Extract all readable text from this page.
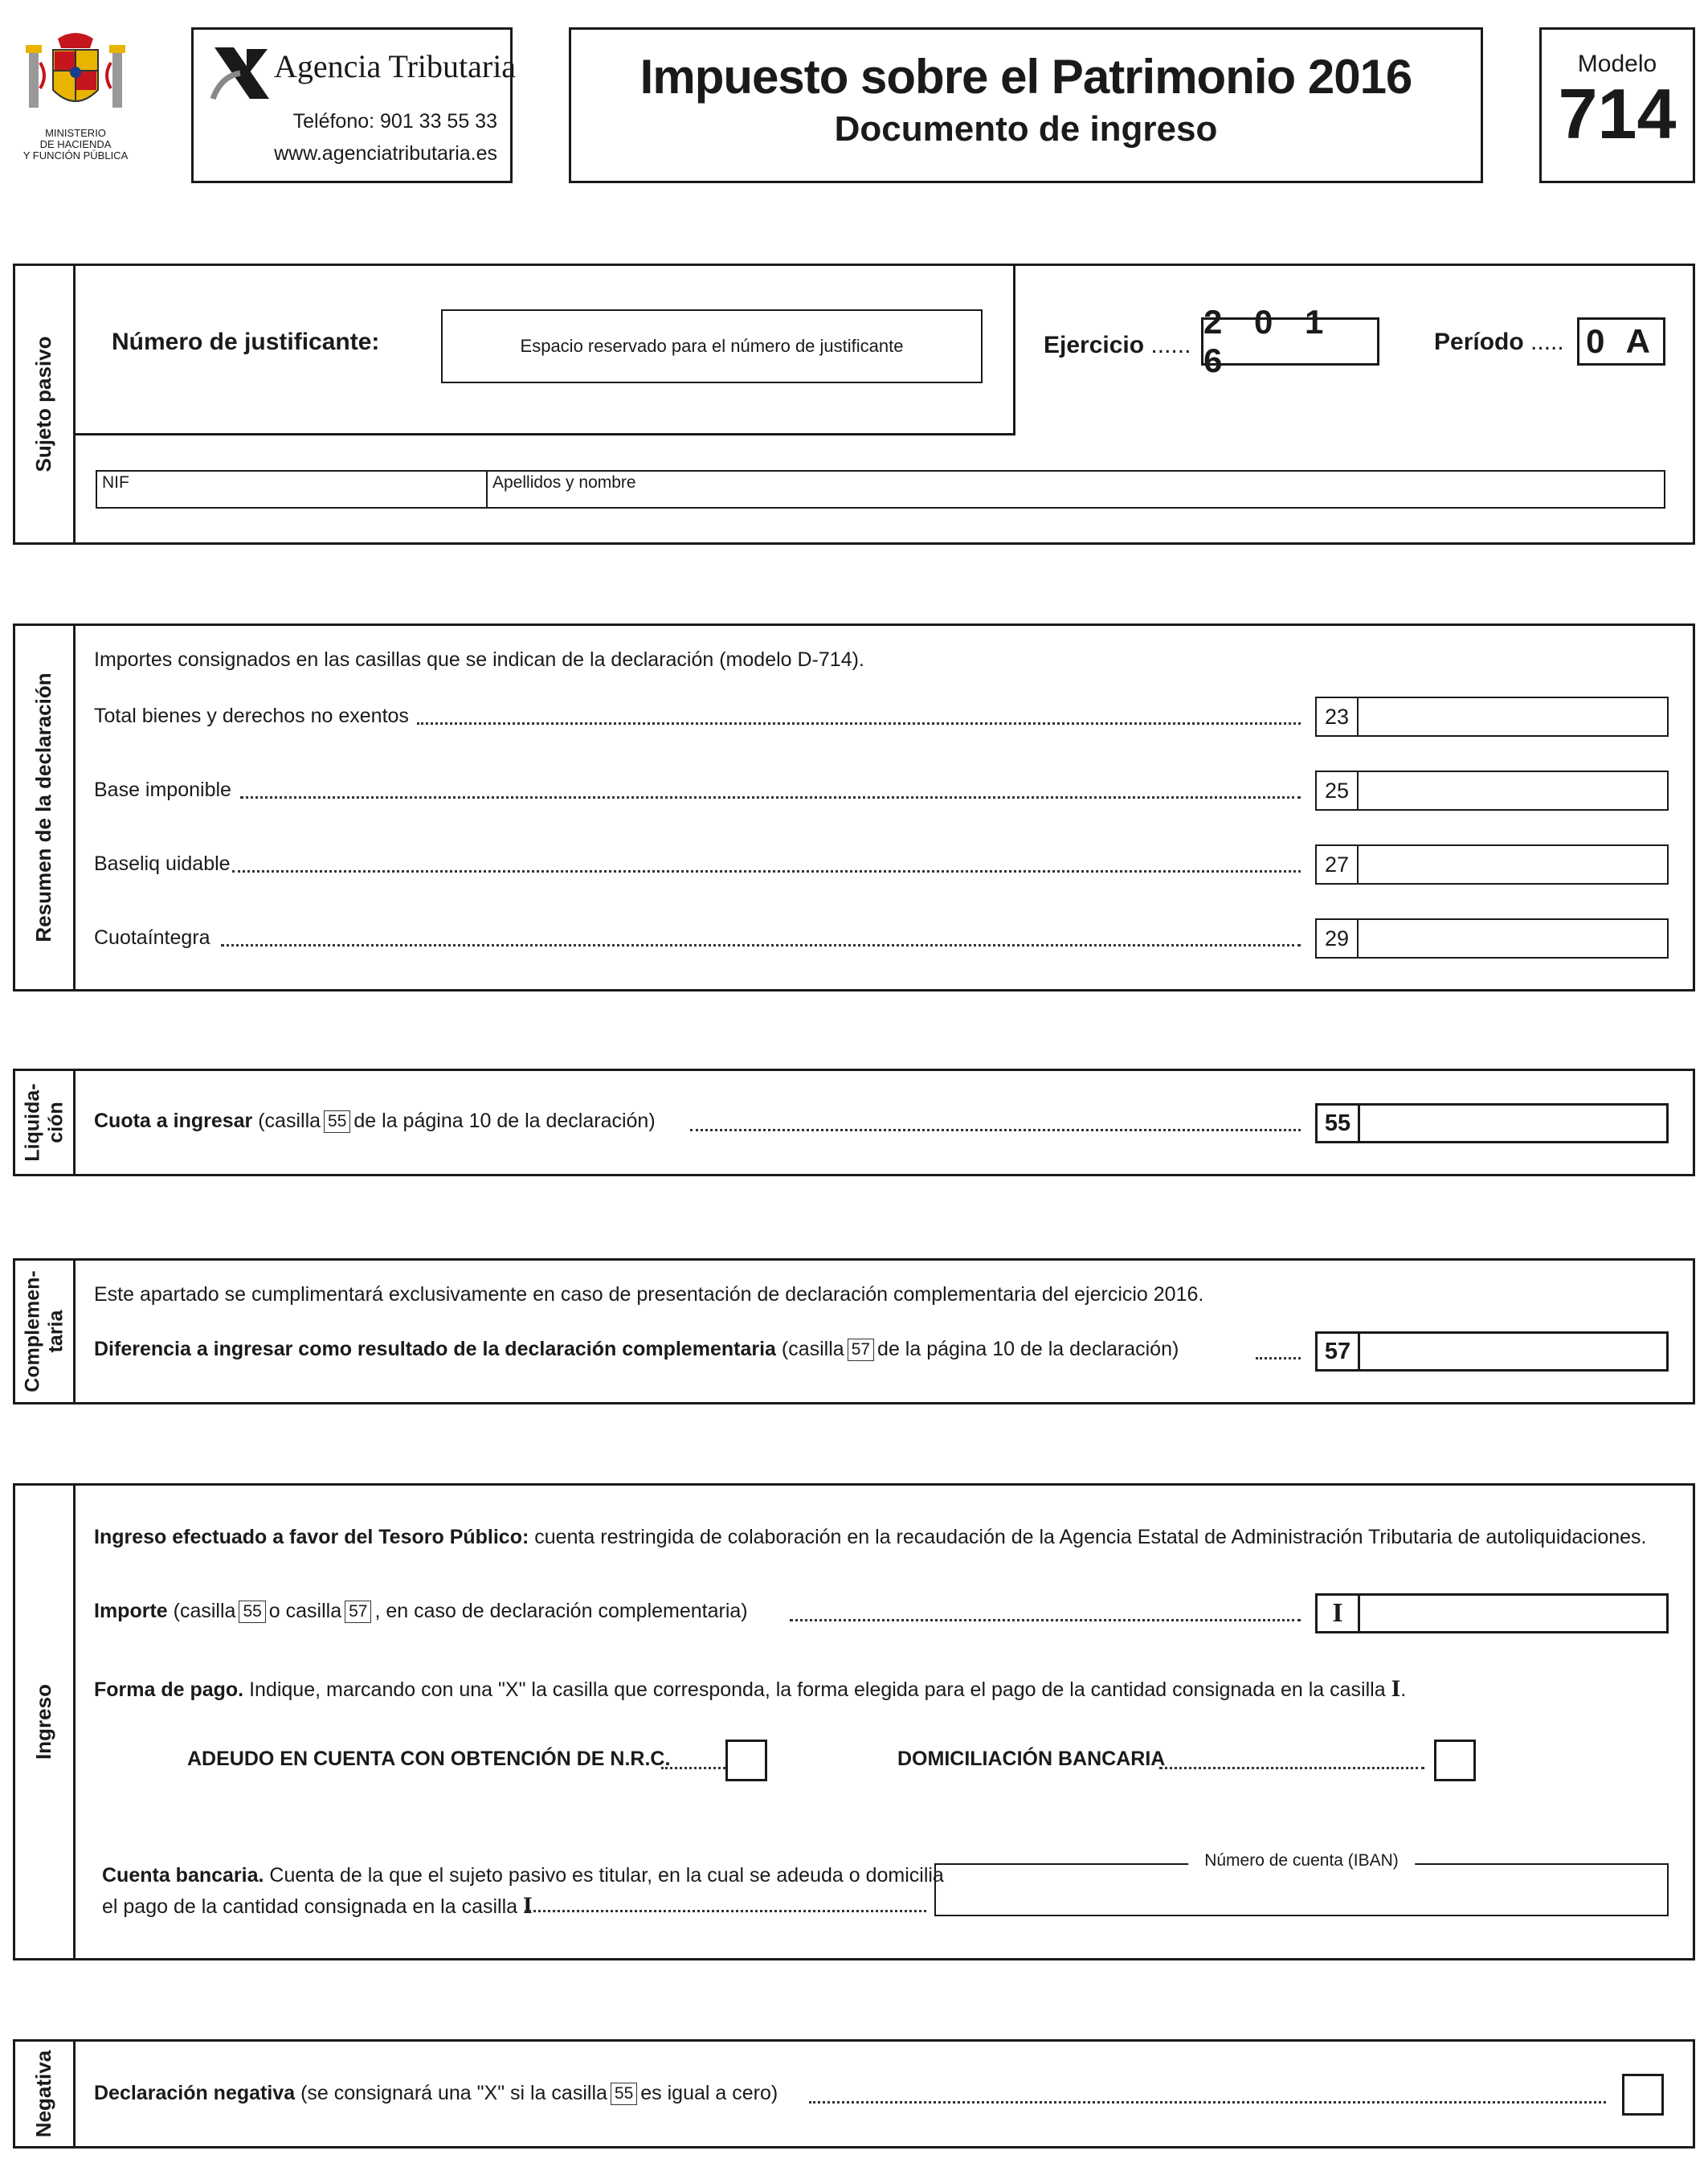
MINISTERIO
DE HACIENDA
Y FUNCIÓN PÚBLICA
Agencia Tributaria
Teléfono: 901 33 55 33
www.agenciatributaria.es
Impuesto sobre el Patrimonio 2016
Documento de ingreso
Modelo
714
Sujeto pasivo Número de justificante:	Espacio reservado para el número de justificante	Ejercicio ......
2 0 1 6	Período ..... 0 A
NIF	Apellidos y nombre
Resumen de la declaración
Importes consignados en las casillas que se indican de la declaración (modelo D-714).
Total bienes y derechos no exentos	23
Base imponible	25
Baseliq uidable	27
Cuotaíntegra	29
Liquida- ción Cuota a ingresar (casilla 55 de la página 10 de la declaración)	55
Complemen- taria
Este apartado se cumplimentará exclusivamente en caso de presentación de declaración complementaria del ejercicio 2016.
Diferencia a ingresar como resultado de la declaración complementaria (casilla 57 de la página 10 de la declaración)	57
Ingreso
Ingreso efectuado a favor del Tesoro Público: cuenta restringida de colaboración en la recaudación de la Agencia Estatal de Administración Tributaria de autoliquidaciones.
Importe (casilla 55 o casilla 57 , en caso de declaración complementaria)	I
Forma de pago. Indique, marcando con una "X" la casilla que corresponda, la forma elegida para el pago de la cantidad consignada en la casilla I.
ADEUDO EN CUENTA CON OBTENCIÓN DE N.R.C.	DOMICILIACIÓN BANCARIA
Cuenta bancaria. Cuenta de la que el sujeto pasivo es titular, en la cual se adeuda o domicilia
el pago de la cantidad consignada en la casilla I
Número de cuenta (IBAN)
Negativa Declaración negativa (se consignará una "X" si la casilla 55 es igual a cero)
